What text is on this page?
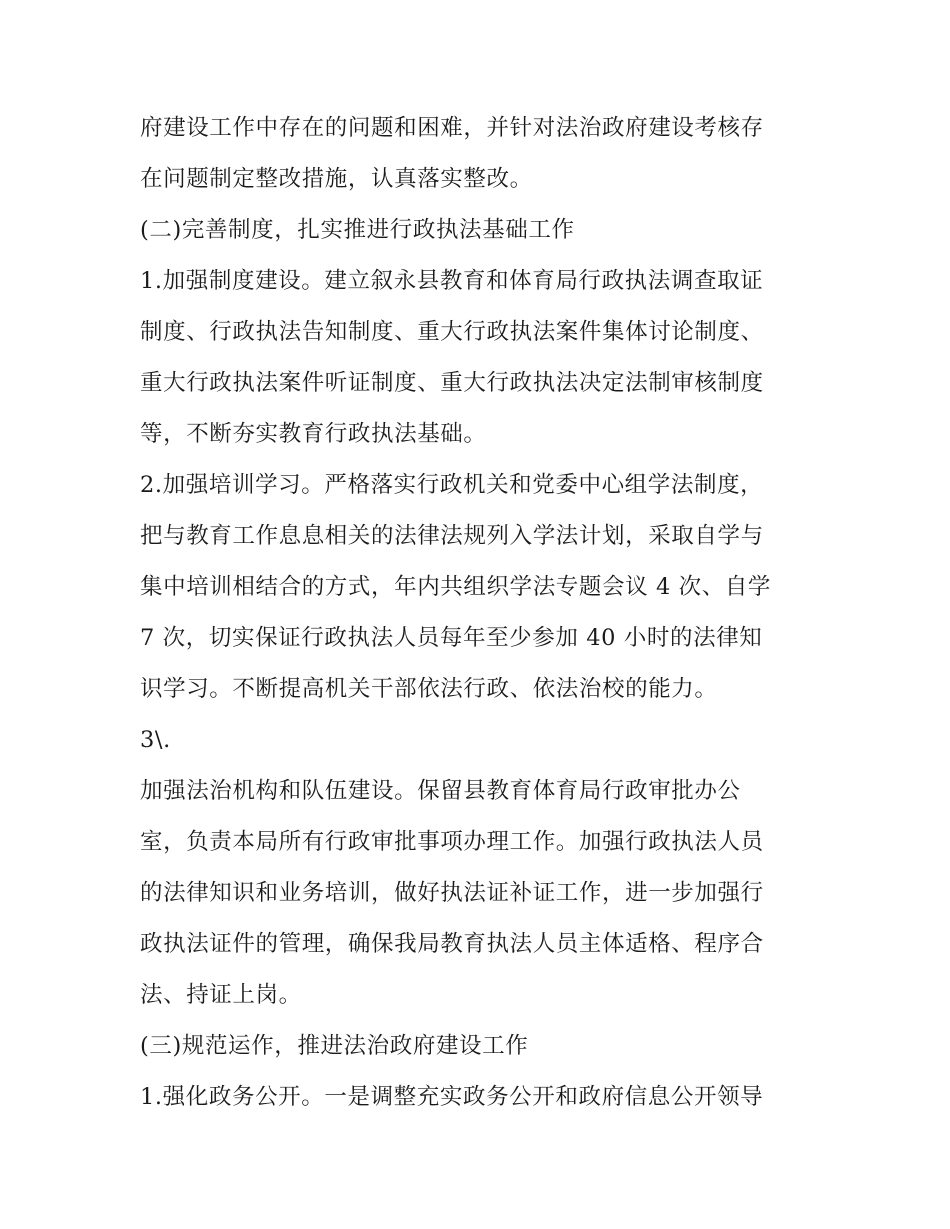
府建设工作中存在的问题和困难，并针对法治政府建设考核存
在问题制定整改措施，认真落实整改。
(二)完善制度，扎实推进行政执法基础工作
1.加强制度建设。建立叙永县教育和体育局行政执法调查取证
制度、行政执法告知制度、重大行政执法案件集体讨论制度、
重大行政执法案件听证制度、重大行政执法决定法制审核制度
等，不断夯实教育行政执法基础。
2.加强培训学习。严格落实行政机关和党委中心组学法制度，
把与教育工作息息相关的法律法规列入学法计划，采取自学与
集中培训相结合的方式，年内共组织学法专题会议 4 次、自学
7 次，切实保证行政执法人员每年至少参加 40 小时的法律知
识学习。不断提高机关干部依法行政、依法治校的能力。
3\.
加强法治机构和队伍建设。保留县教育体育局行政审批办公
室，负责本局所有行政审批事项办理工作。加强行政执法人员
的法律知识和业务培训，做好执法证补证工作，进一步加强行
政执法证件的管理，确保我局教育执法人员主体适格、程序合
法、持证上岗。
(三)规范运作，推进法治政府建设工作
1.强化政务公开。一是调整充实政务公开和政府信息公开领导
